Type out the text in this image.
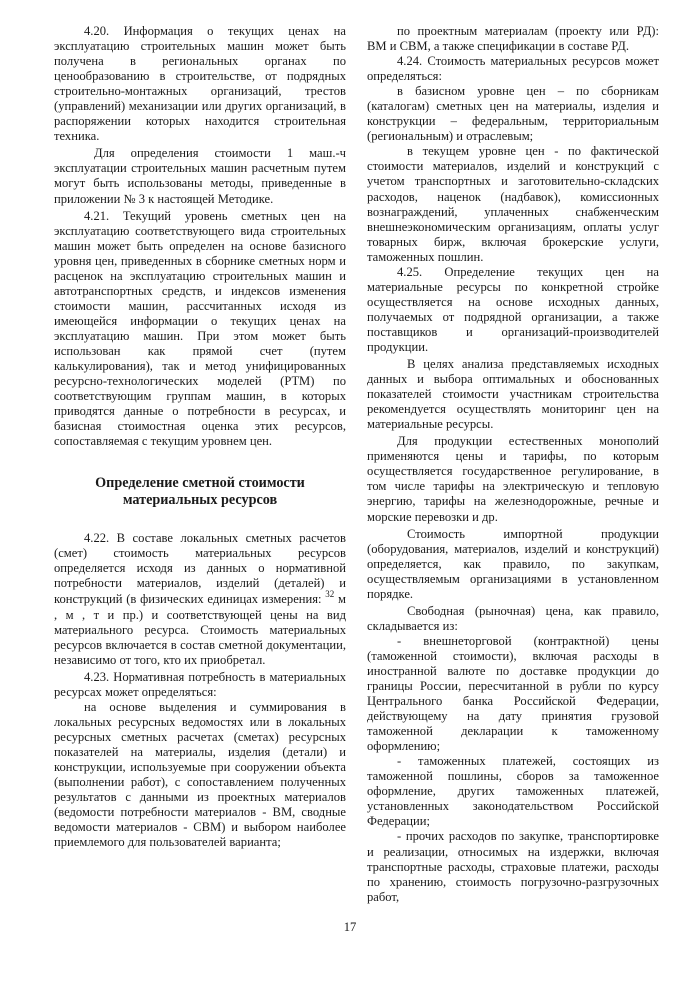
4.20. Информация о текущих ценах на эксплуатацию строительных машин может быть получена в региональных органах по ценообразованию в строительстве, от подрядных строительно-монтажных организаций, трестов (управлений) механизации или других организаций, в распоряжении которых находится строительная техника.

Для определения стоимости 1 маш.-ч эксплуатации строительных машин расчетным путем могут быть использованы методы, приведенные в приложении № 3 к настоящей Методике.

4.21. Текущий уровень сметных цен на эксплуатацию соответствующего вида строительных машин может быть определен на основе базисного уровня цен, приведенных в сборнике сметных норм и расценок на эксплуатацию строительных машин и автотранспортных средств, и индексов изменения стоимости машин, рассчитанных исходя из имеющейся информации о текущих ценах на эксплуатацию машин. При этом может быть использован как прямой счет (путем калькулирования), так и метод унифицированных ресурсно-технологических моделей (РТМ) по соответствующим группам машин, в которых приводятся данные о потребности в ресурсах, и базисная стоимостная оценка этих ресурсов, сопоставляемая с текущим уровнем цен.

Определение сметной стоимости материальных ресурсов

4.22. В составе локальных сметных расчетов (смет) стоимость материальных ресурсов определяется исходя из данных о нормативной потребности материалов, изделий (деталей) и конструкций (в физических единицах измерения: $^{32}$ м , м , т и пр.) и соответствующей цены на вид материального ресурса. Стоимость материальных ресурсов включается в состав сметной документации, независимо от того, кто их приобретал.

4.23. Нормативная потребность в материальных ресурсах может определяться:

на основе выделения и суммирования в локальных ресурсных ведомостях или в локальных ресурсных сметных расчетах (сметах) ресурсных показателей на материалы, изделия (детали) и конструкции, используемые при сооружении объекта (выполнении работ), с сопоставлением полученных результатов с данными из проектных материалов (ведомости потребности материалов - ВМ, сводные ведомости материалов - СВМ) и выбором наиболее приемлемого для пользователей варианта;

по проектным материалам (проекту или РД): ВМ и СВМ, а также спецификации в составе РД.

4.24. Стоимость материальных ресурсов может определяться:

в базисном уровне цен – по сборникам (каталогам) сметных цен на материалы, изделия и конструкции – федеральным, территориальным (региональным) и отраслевым;

в текущем уровне цен - по фактической стоимости материалов, изделий и конструкций с учетом транспортных и заготовительно-складских расходов, наценок (надбавок), комиссионных вознаграждений, уплаченных снабженческим внешнеэкономическим организациям, оплаты услуг товарных бирж, включая брокерские услуги, таможенных пошлин.

4.25. Определение текущих цен на материальные ресурсы по конкретной стройке осуществляется на основе исходных данных, получаемых от подрядной организации, а также поставщиков и организаций-производителей продукции.

В целях анализа представляемых исходных данных и выбора оптимальных и обоснованных показателей стоимости участникам строительства рекомендуется осуществлять мониторинг цен на материальные ресурсы.

Для продукции естественных монополий применяются цены и тарифы, по которым осуществляется государственное регулирование, в том числе тарифы на электрическую и тепловую энергию, тарифы на железнодорожные, речные и морские перевозки и др.

Стоимость импортной продукции (оборудования, материалов, изделий и конструкций) определяется, как правило, по закупкам, осуществляемым организациями в установленном порядке.

Свободная (рыночная) цена, как правило, складывается из:

- внешнеторговой (контрактной) цены (таможенной стоимости), включая расходы в иностранной валюте по доставке продукции до границы России, пересчитанной в рубли по курсу Центрального банка Российской Федерации, действующему на дату принятия грузовой таможенной декларации к таможенному оформлению;

- таможенных платежей, состоящих из таможенной пошлины, сборов за таможенное оформление, других таможенных платежей, установленных законодательством Российской Федерации;

- прочих расходов по закупке, транспортировке и реализации, относимых на издержки, включая транспортные расходы, страховые платежи, расходы по хранению, стоимость погрузочно-разгрузочных работ,

17
